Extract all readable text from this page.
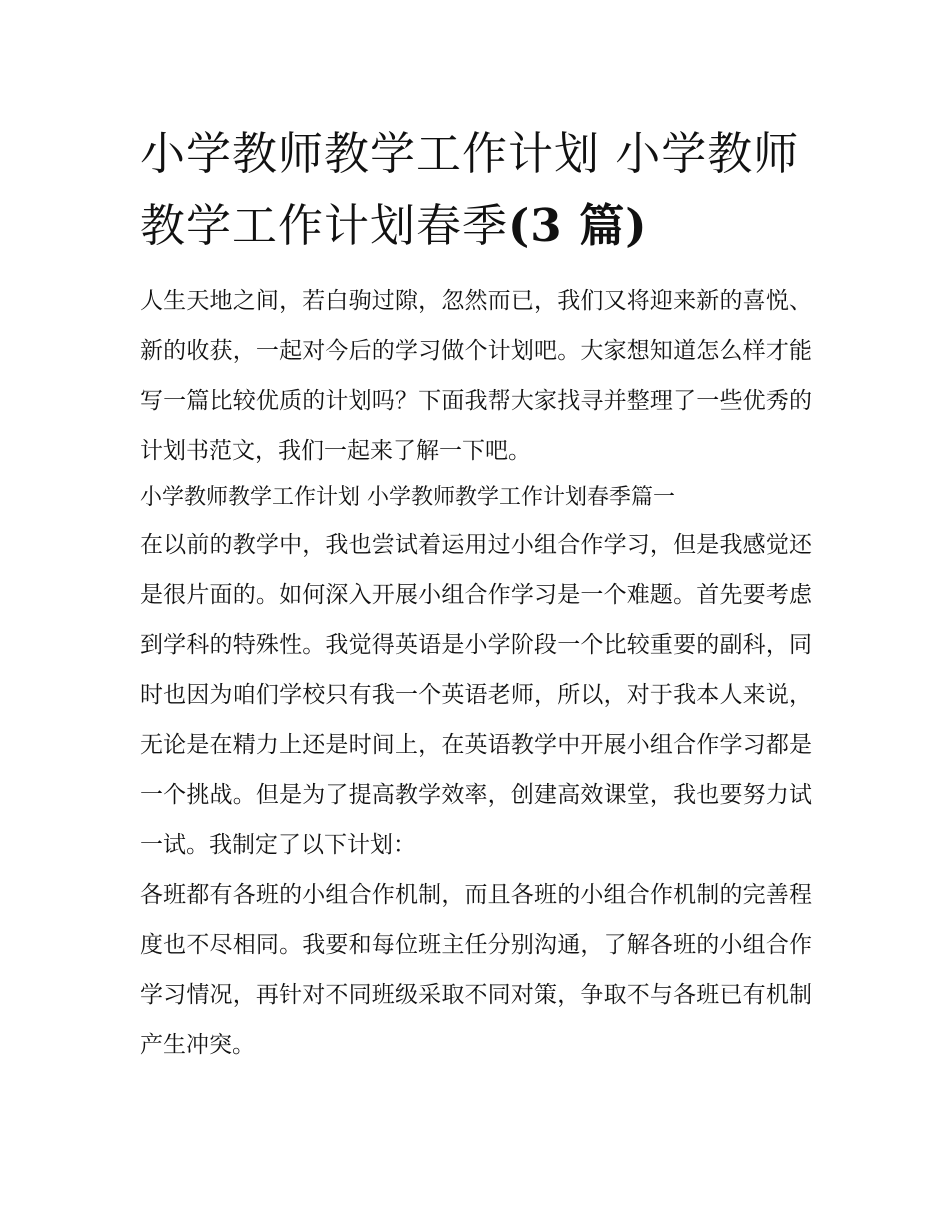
小学教师教学工作计划 小学教师教学工作计划春季(3 篇)

人生天地之间，若白驹过隙，忽然而已，我们又将迎来新的喜悦、新的收获，一起对今后的学习做个计划吧。大家想知道怎么样才能写一篇比较优质的计划吗？下面我帮大家找寻并整理了一些优秀的计划书范文，我们一起来了解一下吧。

小学教师教学工作计划 小学教师教学工作计划春季篇一

在以前的教学中，我也尝试着运用过小组合作学习，但是我感觉还是很片面的。如何深入开展小组合作学习是一个难题。首先要考虑到学科的特殊性。我觉得英语是小学阶段一个比较重要的副科，同时也因为咱们学校只有我一个英语老师，所以，对于我本人来说，无论是在精力上还是时间上，在英语教学中开展小组合作学习都是一个挑战。但是为了提高教学效率，创建高效课堂，我也要努力试一试。我制定了以下计划：

各班都有各班的小组合作机制，而且各班的小组合作机制的完善程度也不尽相同。我要和每位班主任分别沟通，了解各班的小组合作学习情况，再针对不同班级采取不同对策，争取不与各班已有机制产生冲突。
